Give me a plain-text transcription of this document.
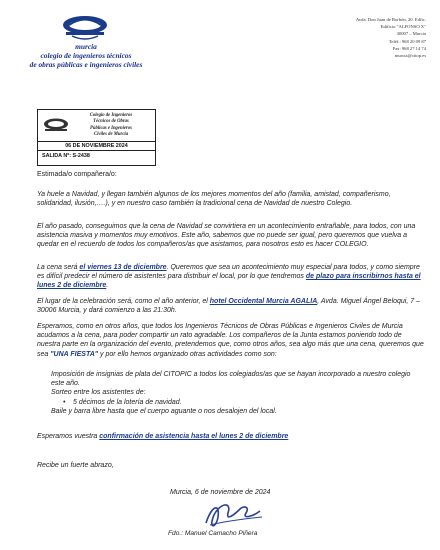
murcia
colegio de ingenieros técnicos
de obras públicas e ingenieros civiles
Avda. Don Juan de Borbón, 20. Edfic.
Edificio "ALFONSO X"
30007 – Murcia
Teléf.: 968 20 09 87
Fax: 968 27 14 74
murcia@citop.es
Colegio de Ingenieros
Técnicos de Obras
Públicas e Ingenieros
Civiles de Murcia
06 DE NOVIEMBRE 2024
SALIDA Nº: S-2438
Estimada/o compañera/o:

Ya huele a Navidad, y llegan también algunos de los mejores momentos del año (familia, amistad, compañerismo, solidaridad, ilusión,….), y en nuestro caso también la tradicional cena de Navidad de nuestro Colegio.

El año pasado, conseguimos que la cena de Navidad se convirtiera en un acontecimiento entrañable, para todos, con una asistencia masiva y momentos muy emotivos. Este año, sabemos que no puede ser igual, pero queremos que vuelva a quedar en el recuerdo de todos los compañeros/as que asistamos, para nosotros esto es hacer COLEGIO.

La cena será el viernes 13 de diciembre. Queremos que sea un acontecimiento muy especial para todos, y como siempre es difícil predecir el número de asistentes para distribuir el local, por lo que tendremos de plazo para inscribirnos hasta el lunes 2 de diciembre.

El lugar de la celebración será, como el año anterior, el hotel Occidental Murcia AGALIA, Avda. Miguel Ángel Beloqui, 7 – 30006 Murcia, y dará comienzo a las 21:30h.

Esperamos, como en otros años, que todos los Ingenieros Técnicos de Obras Públicas e Ingenieros Civiles de Murcia acudamos a la cena, para poder compartir un rato agradable. Los compañeros de la Junta estamos poniendo todo de nuestra parte en la organización del evento, pretendemos que, como otros años, sea algo más que una cena, queremos que sea "UNA FIESTA" y por ello hemos organizado otras actividades como son:

Imposición de insignias de plata del CITOPIC a todos los colegiados/as que se hayan incorporado a nuestro colegio este año.

Sorteo entre los asistentes de:

• 5 décimos de la lotería de navidad.

Baile y barra libre hasta que el cuerpo aguante o nos desalojen del local.

Esperamos vuestra confirmación de asistencia hasta el lunes 2 de diciembre

Recibe un fuerte abrazo,
Murcia, 6 de noviembre de 2024
Fdo.: Manuel Camacho Piñera
